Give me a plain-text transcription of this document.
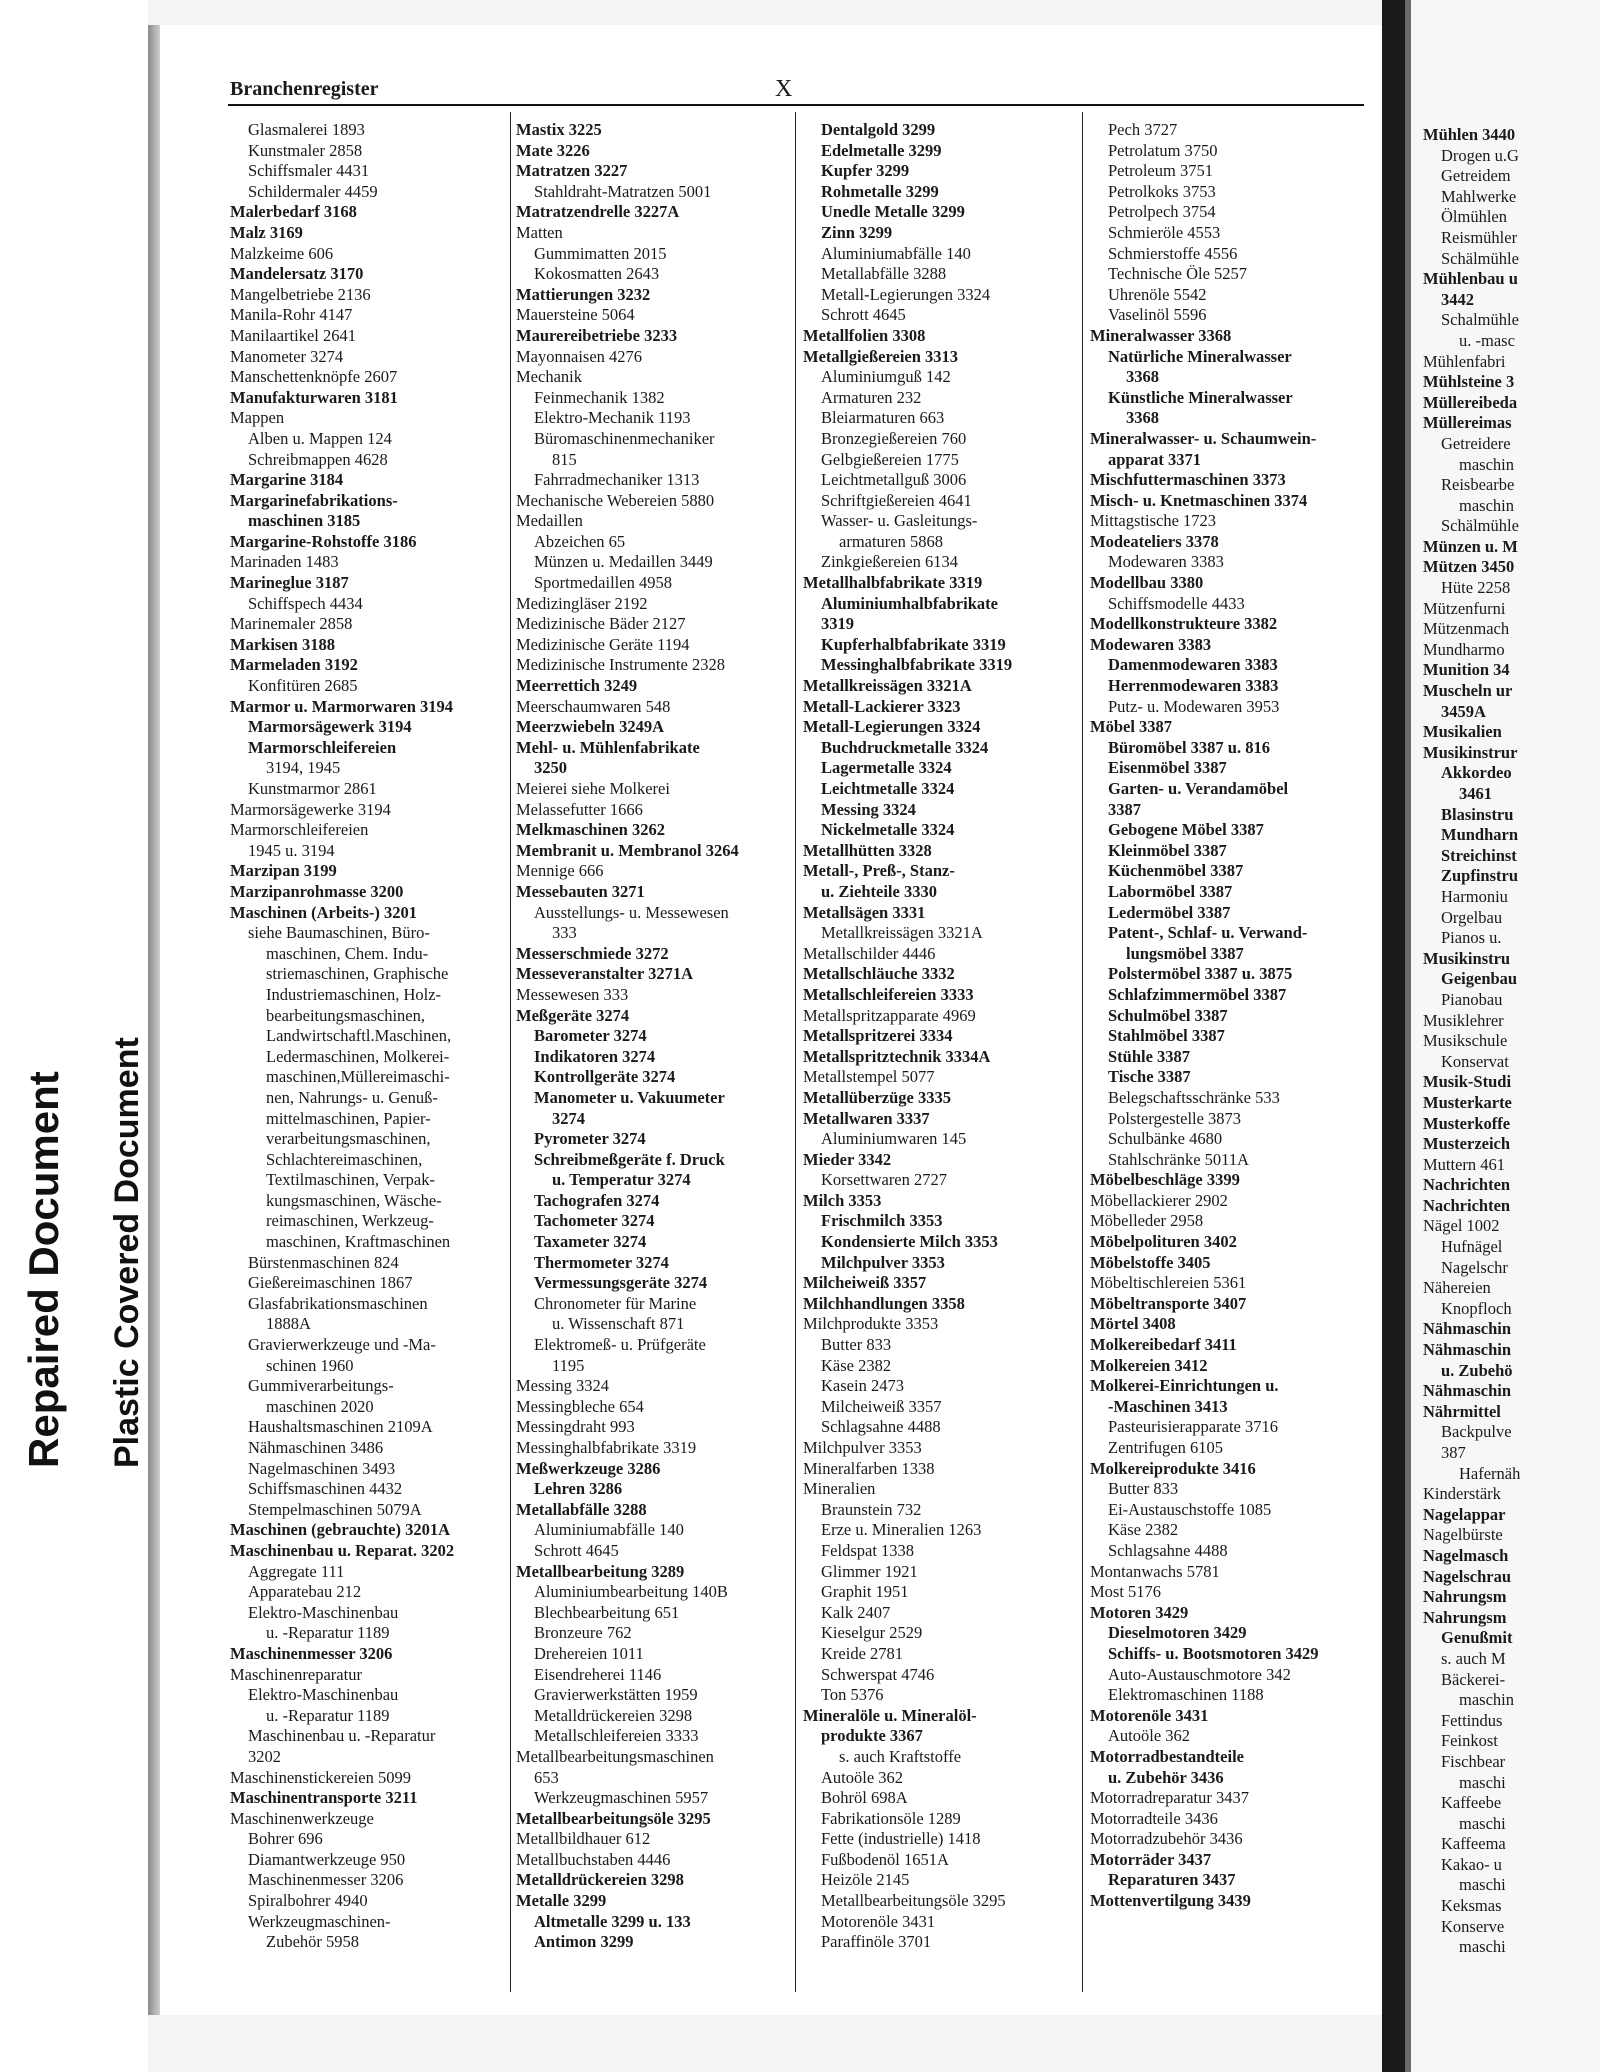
Repaired Document Plastic Covered Document
Branchenregister	X
Glasmalerei 1893
Kunstmaler 2858
Schiffsmaler 4431
Schildermaler 4459
Malerbedarf 3168
Malz 3169
Malzkeime 606
Mandelersatz 3170
Mangelbetriebe 2136
Manila-Rohr 4147
Manilaartikel 2641
Manometer 3274
Manschettenknöpfe 2607
Manufakturwaren 3181
Mappen
Alben u. Mappen 124
Schreibmappen 4628
Margarine 3184
Margarinefabrikations-
maschinen 3185
Margarine-Rohstoffe 3186
Marinaden 1483
Marineglue 3187
Schiffspech 4434
Marinemaler 2858
Markisen 3188
Marmeladen 3192
Konfitüren 2685
Marmor u. Marmorwaren 3194
Marmorsägewerk 3194
Marmorschleifereien
3194, 1945
Kunstmarmor 2861
Marmorsägewerke 3194
Marmorschleifereien
1945 u. 3194
Marzipan 3199
Marzipanrohmasse 3200
Maschinen (Arbeits-) 3201
siehe Baumaschinen, Büro-
maschinen, Chem. Indu-
striemaschinen, Graphische
Industriemaschinen, Holz-
bearbeitungsmaschinen,
Landwirtschaftl.Maschinen,
Ledermaschinen, Molkerei-
maschinen,Müllereimaschi-
nen, Nahrungs- u. Genuß-
mittelmaschinen, Papier-
verarbeitungsmaschinen,
Schlachtereimaschinen,
Textilmaschinen, Verpak-
kungsmaschinen, Wäsche-
reimaschinen, Werkzeug-
maschinen, Kraftmaschinen
Bürstenmaschinen 824
Gießereimaschinen 1867
Glasfabrikationsmaschinen
1888A
Gravierwerkzeuge und -Ma-
schinen 1960
Gummiverarbeitungs-
maschinen 2020
Haushaltsmaschinen 2109A
Nähmaschinen 3486
Nagelmaschinen 3493
Schiffsmaschinen 4432
Stempelmaschinen 5079A
Maschinen (gebrauchte) 3201A
Maschinenbau u. Reparat. 3202
Aggregate 111
Apparatebau 212
Elektro-Maschinenbau
u. -Reparatur 1189
Maschinenmesser 3206
Maschinenreparatur
Elektro-Maschinenbau
u. -Reparatur 1189
Maschinenbau u. -Reparatur
3202
Maschinenstickereien 5099
Maschinentransporte 3211
Maschinenwerkzeuge
Bohrer 696
Diamantwerkzeuge 950
Maschinenmesser 3206
Spiralbohrer 4940
Werkzeugmaschinen-
Zubehör 5958
Mastix 3225
Mate 3226
Matratzen 3227
Stahldraht-Matratzen 5001
Matratzendrelle 3227A
Matten
Gummimatten 2015
Kokosmatten 2643
Mattierungen 3232
Mauersteine 5064
Maurereibetriebe 3233
Mayonnaisen 4276
Mechanik
Feinmechanik 1382
Elektro-Mechanik 1193
Büromaschinenmechaniker
815
Fahrradmechaniker 1313
Mechanische Webereien 5880
Medaillen
Abzeichen 65
Münzen u. Medaillen 3449
Sportmedaillen 4958
Medizingläser 2192
Medizinische Bäder 2127
Medizinische Geräte 1194
Medizinische Instrumente 2328
Meerrettich 3249
Meerschaumwaren 548
Meerzwiebeln 3249A
Mehl- u. Mühlenfabrikate
3250
Meierei siehe Molkerei
Melassefutter 1666
Melkmaschinen 3262
Membranit u. Membranol 3264
Mennige 666
Messebauten 3271
Ausstellungs- u. Messewesen
333
Messerschmiede 3272
Messeveranstalter 3271A
Messewesen 333
Meßgeräte 3274
Barometer 3274
Indikatoren 3274
Kontrollgeräte 3274
Manometer u. Vakuumeter
3274
Pyrometer 3274
Schreibmeßgeräte f. Druck
u. Temperatur 3274
Tachografen 3274
Tachometer 3274
Taxameter 3274
Thermometer 3274
Vermessungsgeräte 3274
Chronometer für Marine
u. Wissenschaft 871
Elektromeß- u. Prüfgeräte
1195
Messing 3324
Messingbleche 654
Messingdraht 993
Messinghalbfabrikate 3319
Meßwerkzeuge 3286
Lehren 3286
Metallabfälle 3288
Aluminiumabfälle 140
Schrott 4645
Metallbearbeitung 3289
Aluminiumbearbeitung 140B
Blechbearbeitung 651
Bronzeure 762
Drehereien 1011
Eisendreherei 1146
Gravierwerkstätten 1959
Metalldrückereien 3298
Metallschleifereien 3333
Metallbearbeitungsmaschinen
653
Werkzeugmaschinen 5957
Metallbearbeitungsöle 3295
Metallbildhauer 612
Metallbuchstaben 4446
Metalldrückereien 3298
Metalle 3299
Altmetalle 3299 u. 133
Antimon 3299
Dentalgold 3299
Edelmetalle 3299
Kupfer 3299
Rohmetalle 3299
Unedle Metalle 3299
Zinn 3299
Aluminiumabfälle 140
Metallabfälle 3288
Metall-Legierungen 3324
Schrott 4645
Metallfolien 3308
Metallgießereien 3313
Aluminiumguß 142
Armaturen 232
Bleiarmaturen 663
Bronzegießereien 760
Gelbgießereien 1775
Leichtmetallguß 3006
Schriftgießereien 4641
Wasser- u. Gasleitungs-
armaturen 5868
Zinkgießereien 6134
Metallhalbfabrikate 3319
Aluminiumhalbfabrikate
3319
Kupferhalbfabrikate 3319
Messinghalbfabrikate 3319
Metallkreissägen 3321A
Metall-Lackierer 3323
Metall-Legierungen 3324
Buchdruckmetalle 3324
Lagermetalle 3324
Leichtmetalle 3324
Messing 3324
Nickelmetalle 3324
Metallhütten 3328
Metall-, Preß-, Stanz-
u. Ziehteile 3330
Metallsägen 3331
Metallkreissägen 3321A
Metallschilder 4446
Metallschläuche 3332
Metallschleifereien 3333
Metallspritzapparate 4969
Metallspritzerei 3334
Metallspritztechnik 3334A
Metallstempel 5077
Metallüberzüge 3335
Metallwaren 3337
Aluminiumwaren 145
Mieder 3342
Korsettwaren 2727
Milch 3353
Frischmilch 3353
Kondensierte Milch 3353
Milchpulver 3353
Milcheiweiß 3357
Milchhandlungen 3358
Milchprodukte 3353
Butter 833
Käse 2382
Kasein 2473
Milcheiweiß 3357
Schlagsahne 4488
Milchpulver 3353
Mineralfarben 1338
Mineralien
Braunstein 732
Erze u. Mineralien 1263
Feldspat 1338
Glimmer 1921
Graphit 1951
Kalk 2407
Kieselgur 2529
Kreide 2781
Schwerspat 4746
Ton 5376
Mineralöle u. Mineralöl-
produkte 3367
s. auch Kraftstoffe
Autoöle 362
Bohröl 698A
Fabrikationsöle 1289
Fette (industrielle) 1418
Fußbodenöl 1651A
Heizöle 2145
Metallbearbeitungsöle 3295
Motorenöle 3431
Paraffinöle 3701
Pech 3727
Petrolatum 3750
Petroleum 3751
Petrolkoks 3753
Petrolpech 3754
Schmieröle 4553
Schmierstoffe 4556
Technische Öle 5257
Uhrenöle 5542
Vaselinöl 5596
Mineralwasser 3368
Natürliche Mineralwasser
3368
Künstliche Mineralwasser
3368
Mineralwasser- u. Schaumwein-
apparat 3371
Mischfuttermaschinen 3373
Misch- u. Knetmaschinen 3374
Mittagstische 1723
Modeateliers 3378
Modewaren 3383
Modellbau 3380
Schiffsmodelle 4433
Modellkonstrukteure 3382
Modewaren 3383
Damenmodewaren 3383
Herrenmodewaren 3383
Putz- u. Modewaren 3953
Möbel 3387
Büromöbel 3387 u. 816
Eisenmöbel 3387
Garten- u. Verandamöbel
3387
Gebogene Möbel 3387
Kleinmöbel 3387
Küchenmöbel 3387
Labormöbel 3387
Ledermöbel 3387
Patent-, Schlaf- u. Verwand-
lungsmöbel 3387
Polstermöbel 3387 u. 3875
Schlafzimmermöbel 3387
Schulmöbel 3387
Stahlmöbel 3387
Stühle 3387
Tische 3387
Belegschaftsschränke 533
Polstergestelle 3873
Schulbänke 4680
Stahlschränke 5011A
Möbelbeschläge 3399
Möbellackierer 2902
Möbelleder 2958
Möbelpolituren 3402
Möbelstoffe 3405
Möbeltischlereien 5361
Möbeltransporte 3407
Mörtel 3408
Molkereibedarf 3411
Molkereien 3412
Molkerei-Einrichtungen u.
-Maschinen 3413
Pasteurisierapparate 3716
Zentrifugen 6105
Molkereiprodukte 3416
Butter 833
Ei-Austauschstoffe 1085
Käse 2382
Schlagsahne 4488
Montanwachs 5781
Most 5176
Motoren 3429
Dieselmotoren 3429
Schiffs- u. Bootsmotoren 3429
Auto-Austauschmotore 342
Elektromaschinen 1188
Motorenöle 3431
Autoöle 362
Motorradbestandteile
u. Zubehör 3436
Motorradreparatur 3437
Motorradteile 3436
Motorradzubehör 3436
Motorräder 3437
Reparaturen 3437
Mottenvertilgung 3439
Mühlen 3440
Drogen u.G
Getreidem
Mahlwerke
Ölmühlen
Reismühler
Schälmühle
Mühlenbau u
3442
Schalmühle
u. -masc
Mühlenfabri
Mühlsteine 3
Müllereibeda
Müllereimas
Getreidere
maschin
Reisbearbe
maschin
Schälmühle
Münzen u. M
Mützen 3450
Hüte 2258
Mützenfurni
Mützenmach
Mundharmo
Munition 34
Muscheln ur
3459A
Musikalien
Musikinstrur
Akkordeo
3461
Blasinstru
Mundharn
Streichinst
Zupfinstru
Harmoniu
Orgelbau
Pianos u.
Musikinstru
Geigenbau
Pianobau
Musiklehrer
Musikschule
Konservat
Musik-Studi
Musterkarte
Musterkoffe
Musterzeich
Muttern 461
Nachrichten
Nachrichten
Nägel 1002
Hufnägel
Nagelschr
Nähereien
Knopfloch
Nähmaschin
Nähmaschin
u. Zubehö
Nähmaschin
Nährmittel
Backpulve
387
Hafernäh
Kinderstärk
Nagelappar
Nagelbürste
Nagelmasch
Nagelschrau
Nahrungsm
Nahrungsm
Genußmit
s. auch M
Bäckerei-
maschin
Fettindus
Feinkost
Fischbear
maschi
Kaffeebe
maschi
Kaffeema
Kakao- u
maschi
Keksmas
Konserve
maschi
